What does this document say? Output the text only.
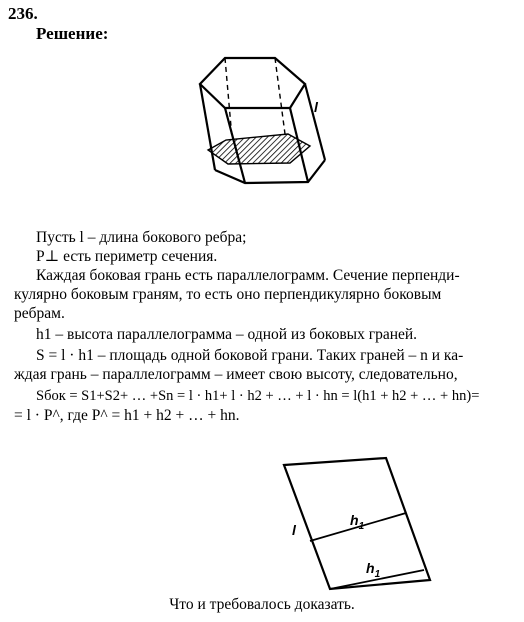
236.
Решение:
l
Пусть l – длина бокового ребра;
P⊥ есть периметр сечения.
Каждая боковая грань есть параллелограмм. Сечение перпенди-
кулярно боковым граням, то есть оно перпендикулярно боковым
ребрам.
h1 – высота параллелограмма – одной из боковых граней.
S = l · h1 – площадь одной боковой грани. Таких граней – n и ка-
ждая грань – параллелограмм – имеет свою высоту, следовательно,
Sбок = S1+S2+ … +Sn = l · h1+ l · h2 + … + l · hn = l(h1 + h2 + … + hn)=
= l · P^, где P^ = h1 + h2 + … + hn.
l
$h_1$
$h_1$
Что и требовалось доказать.
